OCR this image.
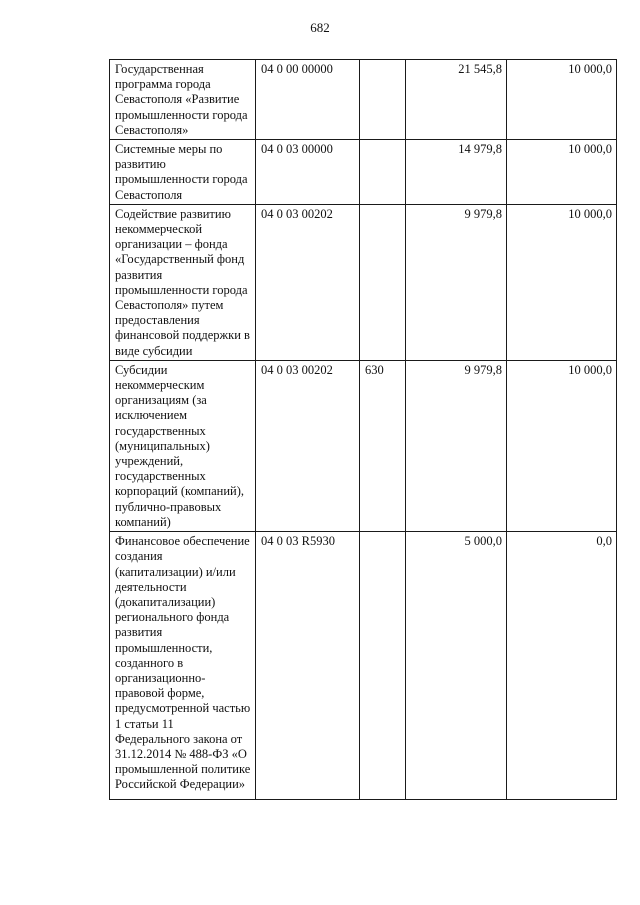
682
Государственная программа города Севастополя «Развитие промышленности города Севастополя»	04 0 00 00000		21 545,8	10 000,0
Системные меры по развитию промышленности города Севастополя	04 0 03 00000		14 979,8	10 000,0
Содействие развитию некоммерческой организации – фонда «Государственный фонд развития промышленности города Севастополя» путем предоставления финансовой поддержки в виде субсидии	04 0 03 00202		9 979,8	10 000,0
Субсидии некоммерческим организациям (за исключением государственных (муниципальных) учреждений, государственных корпораций (компаний), публично-правовых компаний)	04 0 03 00202	630	9 979,8	10 000,0
Финансовое обеспечение создания (капитализации) и/или деятельности (докапитализации) регионального фонда развития промышленности, созданного в организационно-правовой форме, предусмотренной частью 1 статьи 11 Федерального закона от 31.12.2014 № 488-ФЗ «О промышленной политике Российской Федерации»	04 0 03 R5930		5 000,0	0,0
